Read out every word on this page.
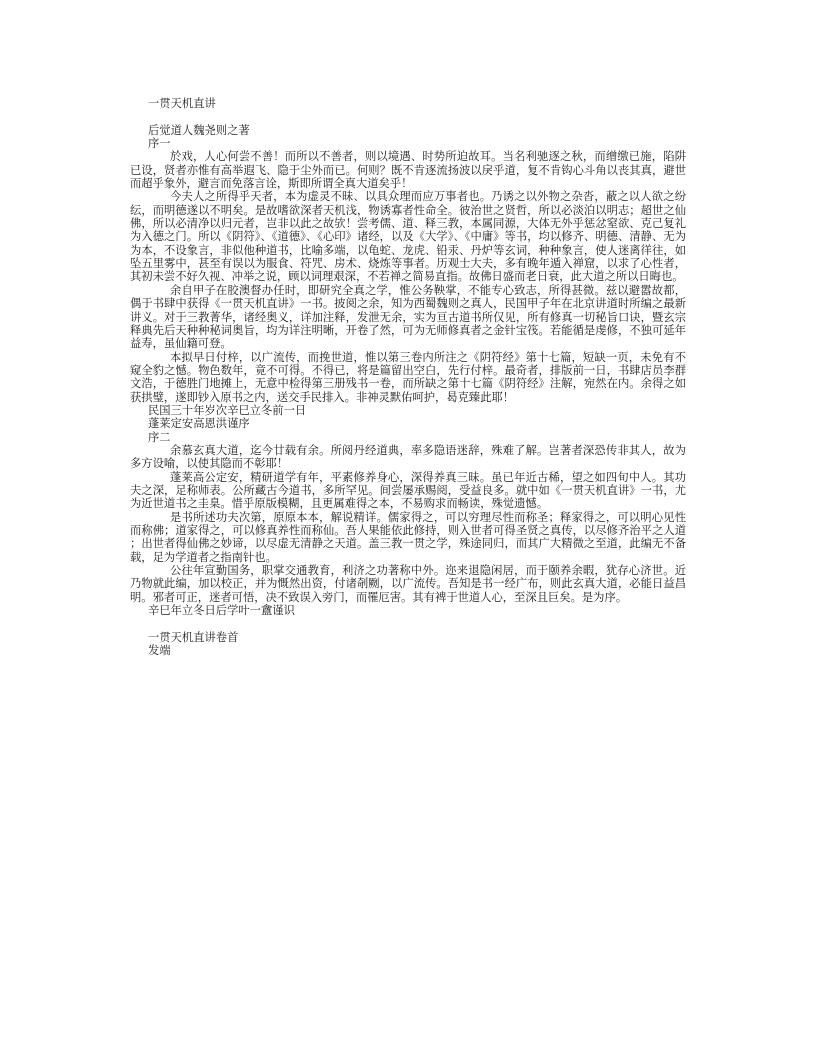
一贯天机直讲

后觉道人魏尧则之著
序一
於戏，人心何尝不善！而所以不善者，则以境遇、时势所迫故耳。当名利驰逐之秋，而缯缴已施，陷阱已设，贤者亦惟有高举遐飞、隐于尘外而已。何则？既不肯逐流扬波以戾乎道，复不肯钩心斗角以丧其真，避世而超乎象外，避言而免落言诠，斯即所谓全真大道矣乎！
今夫人之所得乎天者，本为虚灵不昧、以具众理而应万事者也。乃诱之以外物之杂沓，蔽之以人欲之纷纭，而明德遂以不明矣。是故嗜欲深者天机浅，物诱寡者性命全。彼治世之贤哲，所以必淡泊以明志；超世之仙佛，所以必清净以归元者，岂非以此之故欤！尝考儒、道、释三教，本属同源，大体无外乎惩忿窒欲、克己复礼为入德之门。所以《阴符》、《道德》、《心印》诸经，以及《大学》、《中庸》等书，均以修齐、明德、清静、无为为本，不设象言，非似他种道书，比喻多端，以龟蛇、龙虎、铅汞、丹炉等玄词，种种象言，使人迷离徉往，如坠五里雾中，甚至有误以为服食、符咒、房术、烧炼等事者。历观士大夫，多有晚年遁入禅窟，以求了心性者，其初未尝不好久视、冲举之说，顾以词理艰深，不若禅之简易直指。故佛日盛而老日衰，此大道之所以日晦也。
余自甲子在胶澳督办任时，即研究全真之学，惟公务鞅掌，不能专心致志，所得甚微。兹以避嚣故都，偶于书肆中获得《一贯天机直讲》一书。披阅之余，知为西蜀魏则之真人，民国甲子年在北京讲道时所编之最新讲义。对于三教菁华，诸经奥义，详加注释，发泄无余，实为亘古道书所仅见，所有修真一切秘旨口诀，暨玄宗释典先后天种种秘词奥旨，均为详注明晰，开卷了然，可为无师修真者之金针宝筏。若能循是虔修，不独可延年益寿，虽仙籍可登。
本拟早日付梓，以广流传，而挽世道，惟以第三卷内所注之《阴符经》第十七篇，短缺一页，未免有不窥全豹之憾。物色数年，竟不可得。不得已，将是篇留出空白，先行付梓。最奇者，排版前一日，书肆店员李群文浩，于德胜门地摊上，无意中检得第三册残书一卷，而所缺之第十七篇《阴符经》注解，宛然在内。余得之如获拱璧，遂即钞入原书之内，送交手民排入。非神灵默佑呵护，曷克臻此耶！
民国三十年岁次辛巳立冬前一日
蓬莱定安高恩洪谨序
序二
余慕玄真大道，迄今廿载有余。所阅丹经道典，率多隐语迷辞，殊难了解。岂著者深恐传非其人，故为多方设喻，以使其隐而不彰耶！
蓬莱高公定安，精研道学有年，平素修养身心，深得养真三昧。虽已年近古稀，望之如四旬中人。其功夫之深，足称师表。公所藏古今道书，多所罕见。间尝屡承赐阅，受益良多。就中如《一贯天机直讲》一书，尤为近世道书之圭臬。惜乎原版模糊，且更属难得之本，不易购求而畅读，殊觉遗憾。
是书所述功夫次第，原原本本，解说精详。儒家得之，可以穷理尽性而称圣；释家得之，可以明心见性而称佛；道家得之，可以修真养性而称仙。吾人果能依此修持，则入世者可得圣贤之真传，以尽修齐治平之人道；出世者得仙佛之妙谛，以尽虚无清静之天道。盖三教一贯之学，殊途同归，而其广大精微之至道，此编无不备载，足为学道者之指南针也。
公往年宣勤国务，职掌交通教育，利济之功著称中外。迩来退隐闲居，而于颐养余暇，犹存心济世。近乃物就此编，加以校正，并为慨然出资，付诸剞劂，以广流传。吾知是书一经广布，则此玄真大道，必能日益昌明。邪者可正，迷者可悟，决不致误入旁门，而罹厄害。其有裨于世道人心，至深且巨矣。是为序。
辛巳年立冬日后学叶一盦谨识

一贯天机直讲卷首
发端
